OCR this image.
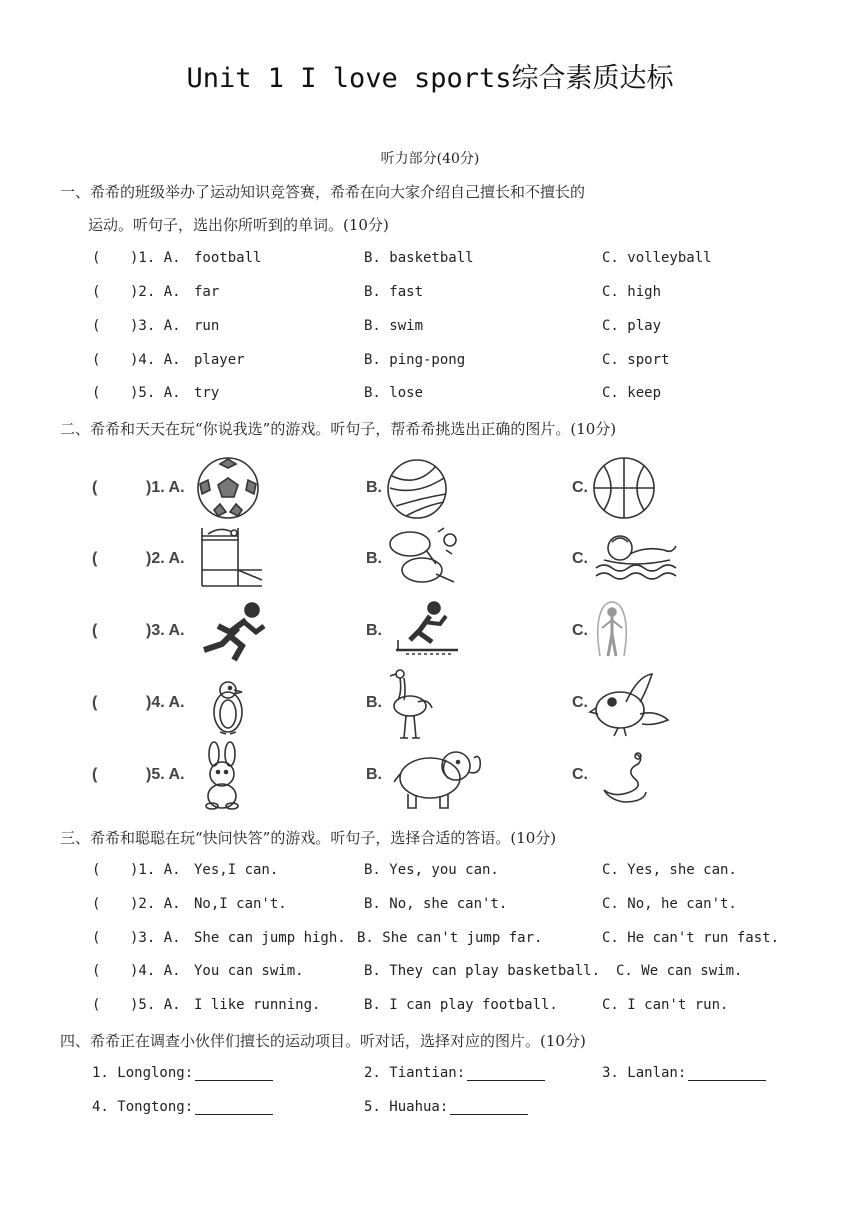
Unit 1 I love sports综合素质达标
听力部分(40分)
一、希希的班级举办了运动知识竞答赛，希希在向大家介绍自己擅长和不擅长的
运动。听句子，选出你所听到的单词。(10分)
( )1. A. football	B. basketball	C. volleyball
( )2. A. far	B. fast	C. high
( )3. A. run	B. swim	C. play
( )4. A. player	B. ping-pong	C. sport
( )5. A. try	B. lose	C. keep
二、希希和天天在玩“你说我选”的游戏。听句子，帮希希挑选出正确的图片。(10分)
(	)1. A.	B.	C.
(	)2. A.	B.	C.
(	)3. A.	B.	C.
(	)4. A.	B.	C.
(	)5. A.	B.	C.
三、希希和聪聪在玩“快问快答”的游戏。听句子，选择合适的答语。(10分)
( )1. A. Yes,I can.	B. Yes, you can.	C. Yes, she can.
( )2. A. No,I can't.	B. No, she can't.	C. No, he can't.
( )3. A. She can jump high. B. She can't jump far.	C. He can't run fast.
( )4. A. You can swim.	B. They can play basketball. C. We can swim.
( )5. A. I like running.	B. I can play football.	C. I can't run.
四、希希正在调查小伙伴们擅长的运动项目。听对话，选择对应的图片。(10分)
1. Longlong:	2. Tiantian:	3. Lanlan:
4. Tongtong:	5. Huahua:
